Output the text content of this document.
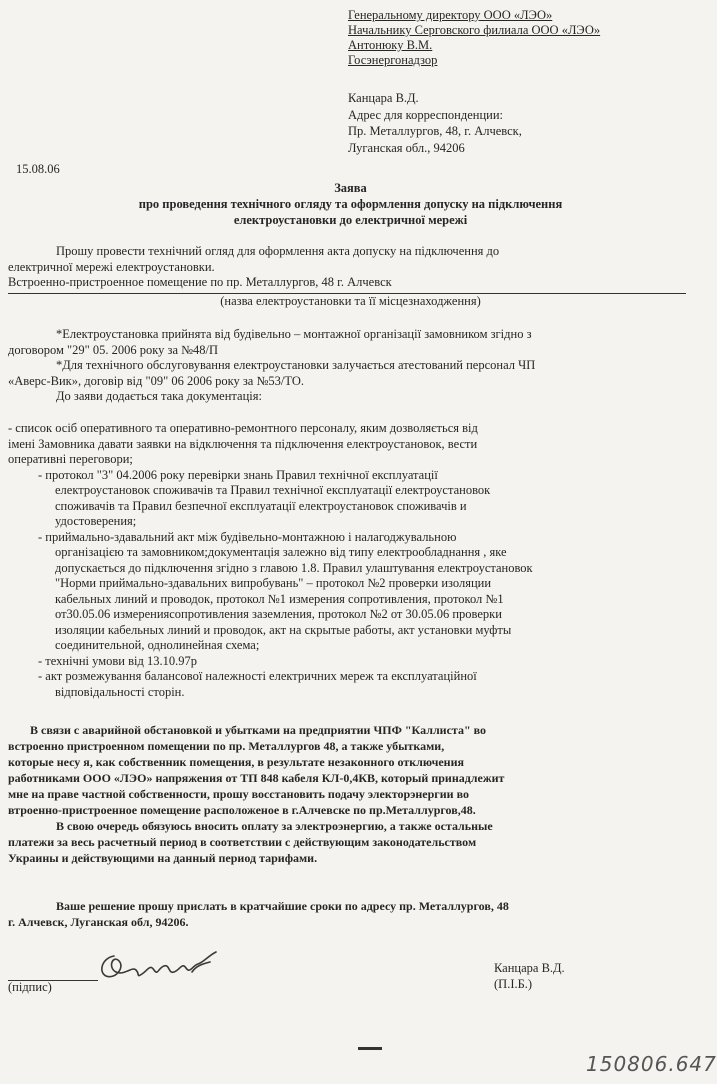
Генеральному директору ООО «ЛЭО»
Начальнику Серговского филиала ООО «ЛЭО»
Антонюку В.М.
Госэнергонадзор
Канцара В.Д.
Адрес для корреспонденции:
Пр. Металлургов, 48, г. Алчевск,
Луганская обл., 94206
15.08.06
Заява
про проведення технічного огляду та оформлення допуску на підключення
електроустановки до електричної мережі
Прошу провести технічний огляд для оформлення акта допуску на підключення до
електричної мережі електроустановки.
Встроенно-пристроенное помещение по пр. Металлургов, 48 г. Алчевск
(назва електроустановки та її місцезнаходження)
*Електроустановка прийнята від будівельно – монтажної організації замовником згідно з
договором "29" 05. 2006 року за №48/П
*Для технічного обслуговування електроустановки залучається атестований персонал ЧП
«Аверс-Вик», договір від "09" 06 2006 року за №53/ТО.
До заяви додається така документація:
- список осіб оперативного та оперативно-ремонтного персоналу, яким дозволяється від
імені Замовника давати заявки на відключення та підключення електроустановок, вести
оперативні переговори;
- протокол "3" 04.2006 року перевірки знань Правил технічної експлуатації
електроустановок споживачів та Правил технічної експлуатації електроустановок
споживачів та Правил безпечної експлуатації електроустановок споживачів и
удостоверения;
- приймально-здавальний акт між будівельно-монтажною і налагоджувальною
організацією та замовником;документація залежно від типу електрообладнання , яке
допускається до підключення згідно з главою 1.8. Правил улаштування електроустановок
"Норми приймально-здавальних випробувань" – протокол №2 проверки изоляции
кабельных линий и проводок, протокол №1 измерения сопротивления, протокол №1
от30.05.06 измерениясопротивления заземления, протокол №2 от 30.05.06 проверки
изоляции кабельных линий и проводок, акт на скрытые работы, акт установки муфты
соединительной, однолинейная схема;
- технічні умови від 13.10.97р
- акт розмежування балансової належності електричних мереж та експлуатаційної
відповідальності сторін.
В связи с аварийной обстановкой и убытками на предприятии ЧПФ "Каллиста" во
встроенно пристроенном помещении по пр. Металлургов 48, а также убытками,
которые несу я, как собственник помещения, в результате незаконного отключения
работниками ООО «ЛЭО» напряжения от ТП 848 кабеля КЛ-0,4КВ, который принадлежит
мне на праве частной собственности, прошу восстановить подачу электорэнергии во
втроенно-пристроенное помещение расположеное в г.Алчевске по пр.Металлургов,48.
В свою очередь обязуюсь вносить оплату за электроэнергию, а также остальные
платежи за весь расчетный период в соответствии с действующим законодательством
Украины и действующими на данный период тарифами.
Ваше решение прошу прислать в кратчайшие сроки по адресу пр. Металлургов, 48
г. Алчевск, Луганская обл, 94206.
(підпис)
Канцара В.Д.
(П.І.Б.)
150806.647
